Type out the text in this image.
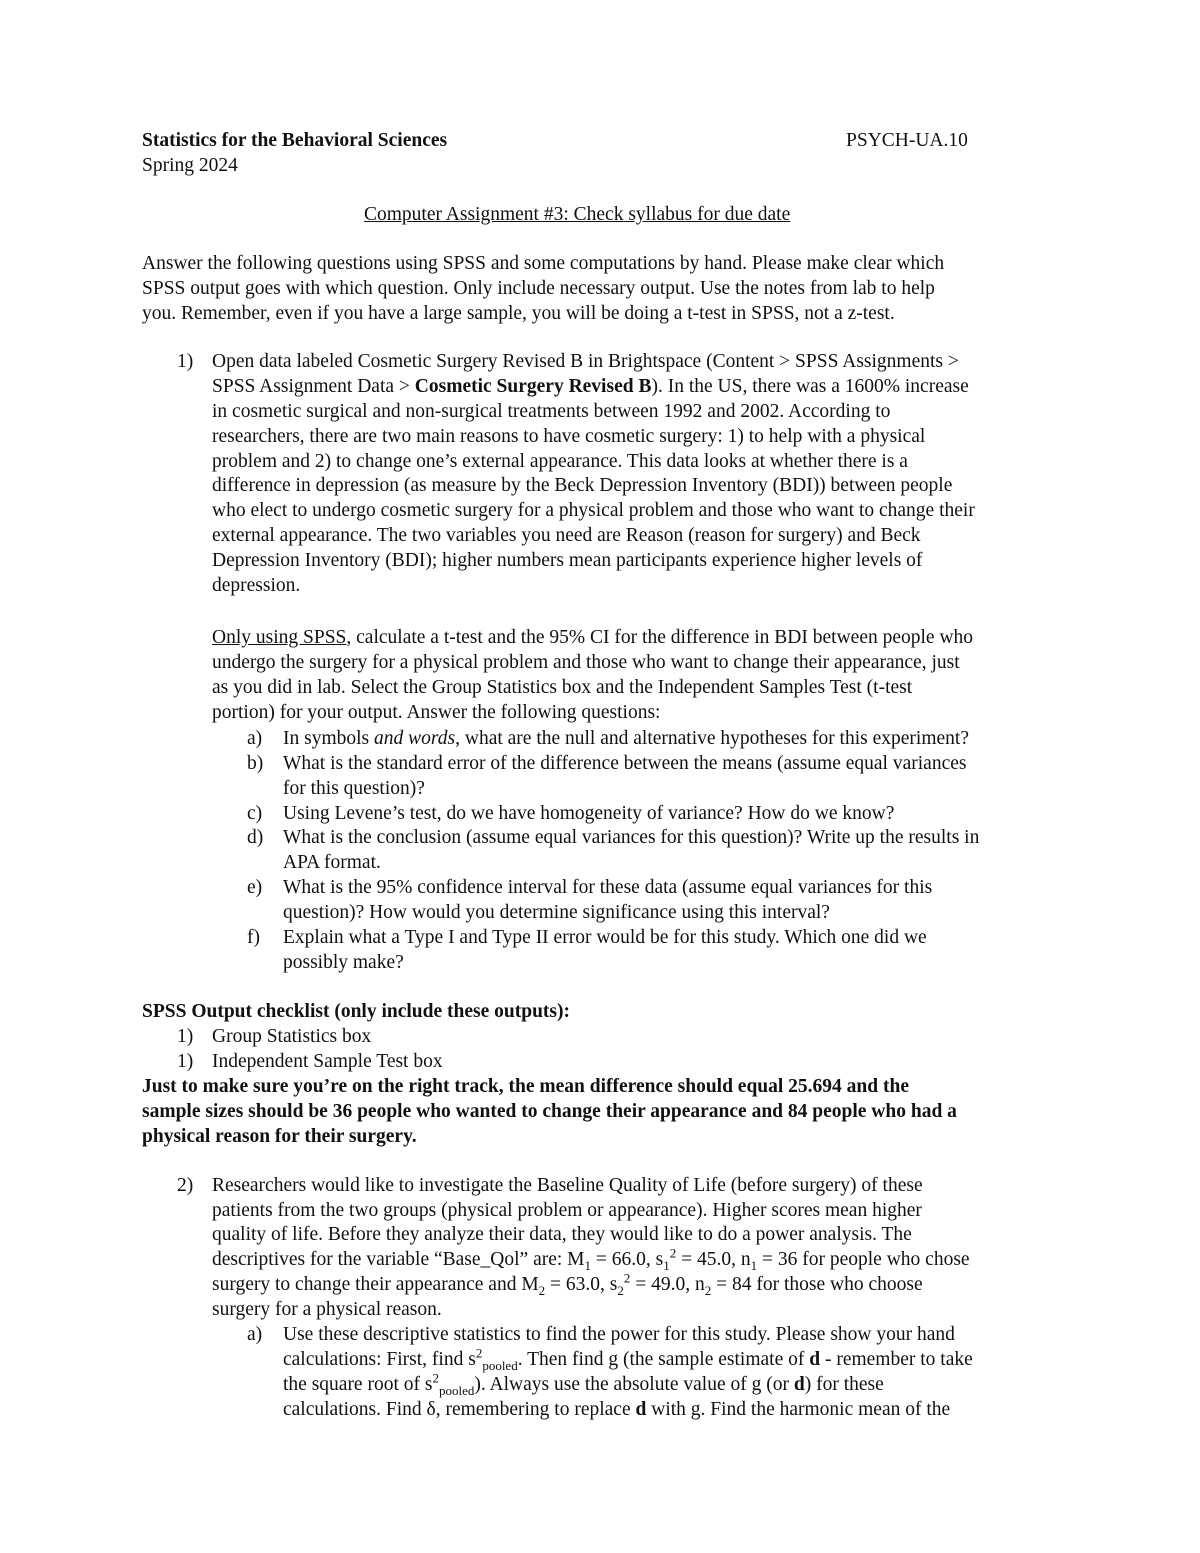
Statistics for the Behavioral Sciences	PSYCH-UA.10
Spring 2024
Computer Assignment #3: Check syllabus for due date
Answer the following questions using SPSS and some computations by hand. Please make clear which
SPSS output goes with which question. Only include necessary output. Use the notes from lab to help
you. Remember, even if you have a large sample, you will be doing a t-test in SPSS, not a z-test.
1) Open data labeled Cosmetic Surgery Revised B in Brightspace (Content > SPSS Assignments >
SPSS Assignment Data > Cosmetic Surgery Revised B). In the US, there was a 1600% increase
in cosmetic surgical and non-surgical treatments between 1992 and 2002. According to
researchers, there are two main reasons to have cosmetic surgery: 1) to help with a physical
problem and 2) to change one’s external appearance. This data looks at whether there is a
difference in depression (as measure by the Beck Depression Inventory (BDI)) between people
who elect to undergo cosmetic surgery for a physical problem and those who want to change their
external appearance. The two variables you need are Reason (reason for surgery) and Beck
Depression Inventory (BDI); higher numbers mean participants experience higher levels of
depression.
Only using SPSS, calculate a t-test and the 95% CI for the difference in BDI between people who
undergo the surgery for a physical problem and those who want to change their appearance, just
as you did in lab. Select the Group Statistics box and the Independent Samples Test (t-test
portion) for your output. Answer the following questions:
a) In symbols and words, what are the null and alternative hypotheses for this experiment?
b) What is the standard error of the difference between the means (assume equal variances
for this question)?
c) Using Levene’s test, do we have homogeneity of variance? How do we know?
d) What is the conclusion (assume equal variances for this question)? Write up the results in
APA format.
e) What is the 95% confidence interval for these data (assume equal variances for this
question)? How would you determine significance using this interval?
f) Explain what a Type I and Type II error would be for this study. Which one did we
possibly make?
SPSS Output checklist (only include these outputs):
1) Group Statistics box
1) Independent Sample Test box
Just to make sure you’re on the right track, the mean difference should equal 25.694 and the
sample sizes should be 36 people who wanted to change their appearance and 84 people who had a
physical reason for their surgery.
2) Researchers would like to investigate the Baseline Quality of Life (before surgery) of these
patients from the two groups (physical problem or appearance). Higher scores mean higher
quality of life. Before they analyze their data, they would like to do a power analysis. The
descriptives for the variable “Base_Qol” are: $M_1 = 66.0$, $s_1^2 = 45.0$, $n_1 = 36$ for people who chose
surgery to change their appearance and $M_2 = 63.0$, $s_2^2 = 49.0$, $n_2 = 84$ for those who choose
surgery for a physical reason.
a) Use these descriptive statistics to find the power for this study. Please show your hand
calculations: First, find $s^2_{pooled}$. Then find g (the sample estimate of d - remember to take
the square root of $s^2_{pooled}$). Always use the absolute value of g (or d) for these
calculations. Find δ, remembering to replace d with g. Find the harmonic mean of the
